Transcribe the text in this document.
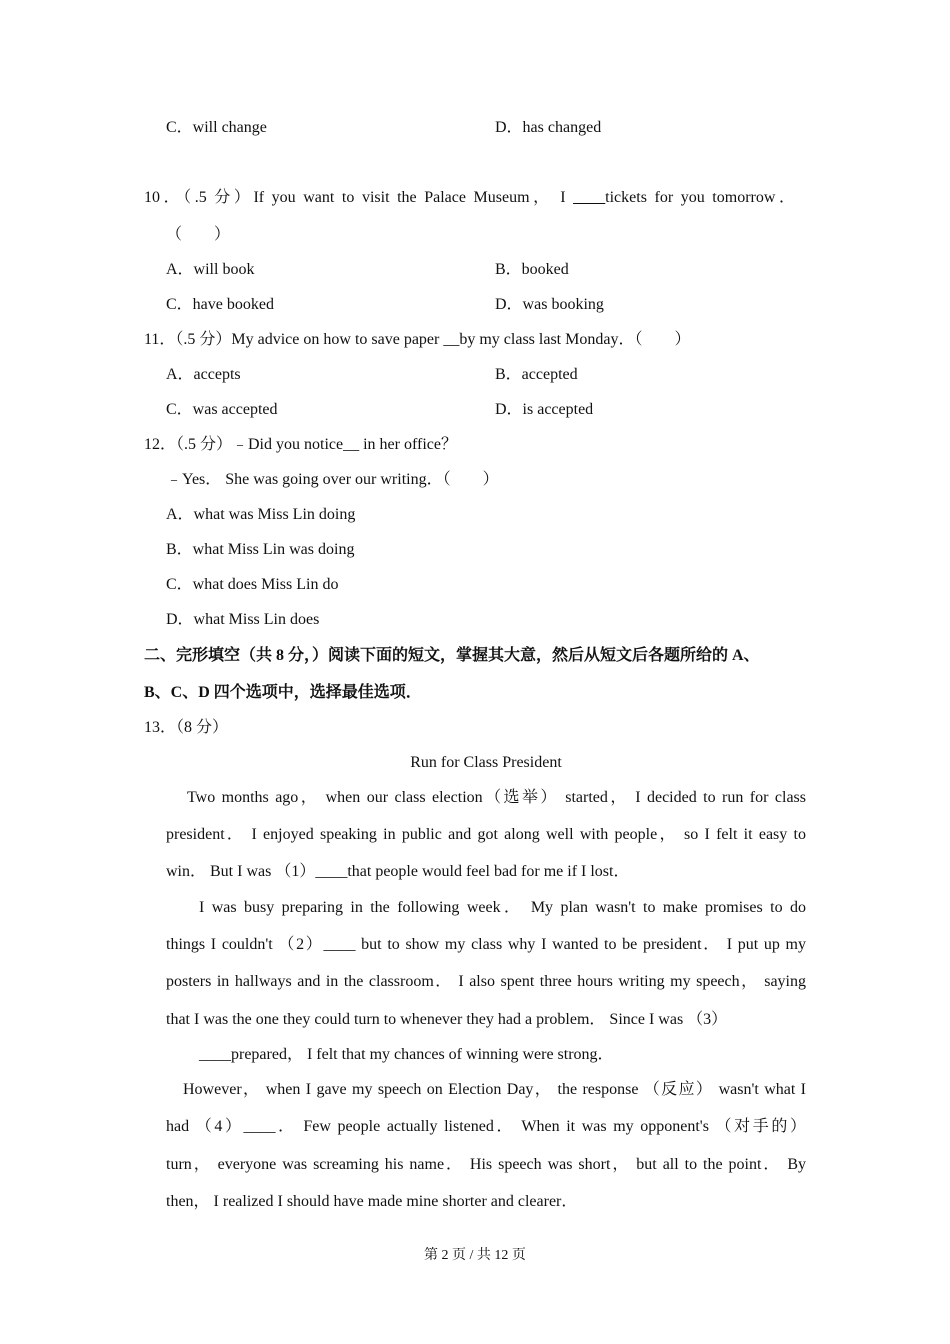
C．will change	D．has changed
10．（.5 分）If you want to visit the Palace Museum， I ____tickets for you tomorrow．
（　　）
A．will book	B．booked
C．have booked	D．was booking
11．（.5 分）My advice on how to save paper __by my class last Monday．（　　）
A．accepts	B．accepted
C．was accepted	D．is accepted
12．（.5 分）﹣Did you notice__ in her office？
﹣Yes． She was going over our writing．（　　）
A．what was Miss Lin doing
B．what Miss Lin was doing
C．what does Miss Lin do
D．what Miss Lin does
二、完形填空（共 8 分，）阅读下面的短文，掌握其大意，然后从短文后各题所给的 A、
B、C、D 四个选项中，选择最佳选项．
13．（8 分）
Run for Class President
Two months ago， when our class election（选举） started， I decided to run for class
president． I enjoyed speaking in public and got along well with people， so I felt it easy to
win． But I was （1）____that people would feel bad for me if I lost．
I was busy preparing in the following week． My plan wasn't to make promises to do
things I couldn't （2）____ but to show my class why I wanted to be president． I put up my
posters in hallways and in the classroom． I also spent three hours writing my speech， saying
that I was the one they could turn to whenever they had a problem． Since I was （3）
____prepared， I felt that my chances of winning were strong．
However， when I gave my speech on Election Day， the response （反应） wasn't what I
had （4）____． Few people actually listened． When it was my opponent's （对手的）
turn， everyone was screaming his name． His speech was short， but all to the point． By
then， I realized I should have made mine shorter and clearer．
第 2 页 / 共 12 页
